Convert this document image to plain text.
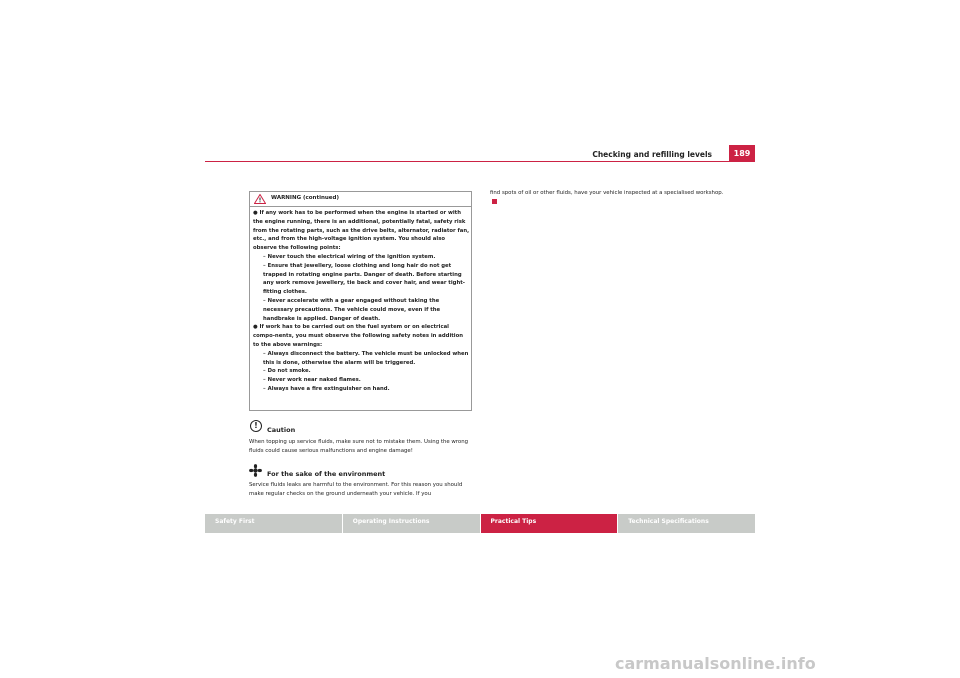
Checking and refilling levels	189
WARNING (continued)

● If any work has to be performed when the engine is started or with the engine running, there is an additional, potentially fatal, safety risk from the rotating parts, such as the drive belts, alternator, radiator fan, etc., and from the high-voltage ignition system. You should also observe the following points:

– Never touch the electrical wiring of the ignition system.

– Ensure that jewellery, loose clothing and long hair do not get trapped in rotating engine parts. Danger of death. Before starting any work remove jewellery, tie back and cover hair, and wear tight-fitting clothes.

– Never accelerate with a gear engaged without taking the necessary precautions. The vehicle could move, even if the handbrake is applied. Danger of death.

● If work has to be carried out on the fuel system or on electrical compo-nents, you must observe the following safety notes in addition to the above warnings:

– Always disconnect the battery. The vehicle must be unlocked when this is done, otherwise the alarm will be triggered.

– Do not smoke.

– Never work near naked flames.

– Always have a fire extinguisher on hand.

!	Caution
When topping up service fluids, make sure not to mistake them. Using the wrong fluids could cause serious malfunctions and engine damage!
For the sake of the environment
Service fluids leaks are harmful to the environment. For this reason you should make regular checks on the ground underneath your vehicle. If you
find spots of oil or other fluids, have your vehicle inspected at a specialised workshop.
Safety First	Operating Instructions	Practical Tips	Technical Specifications
carmanualsonline.info
